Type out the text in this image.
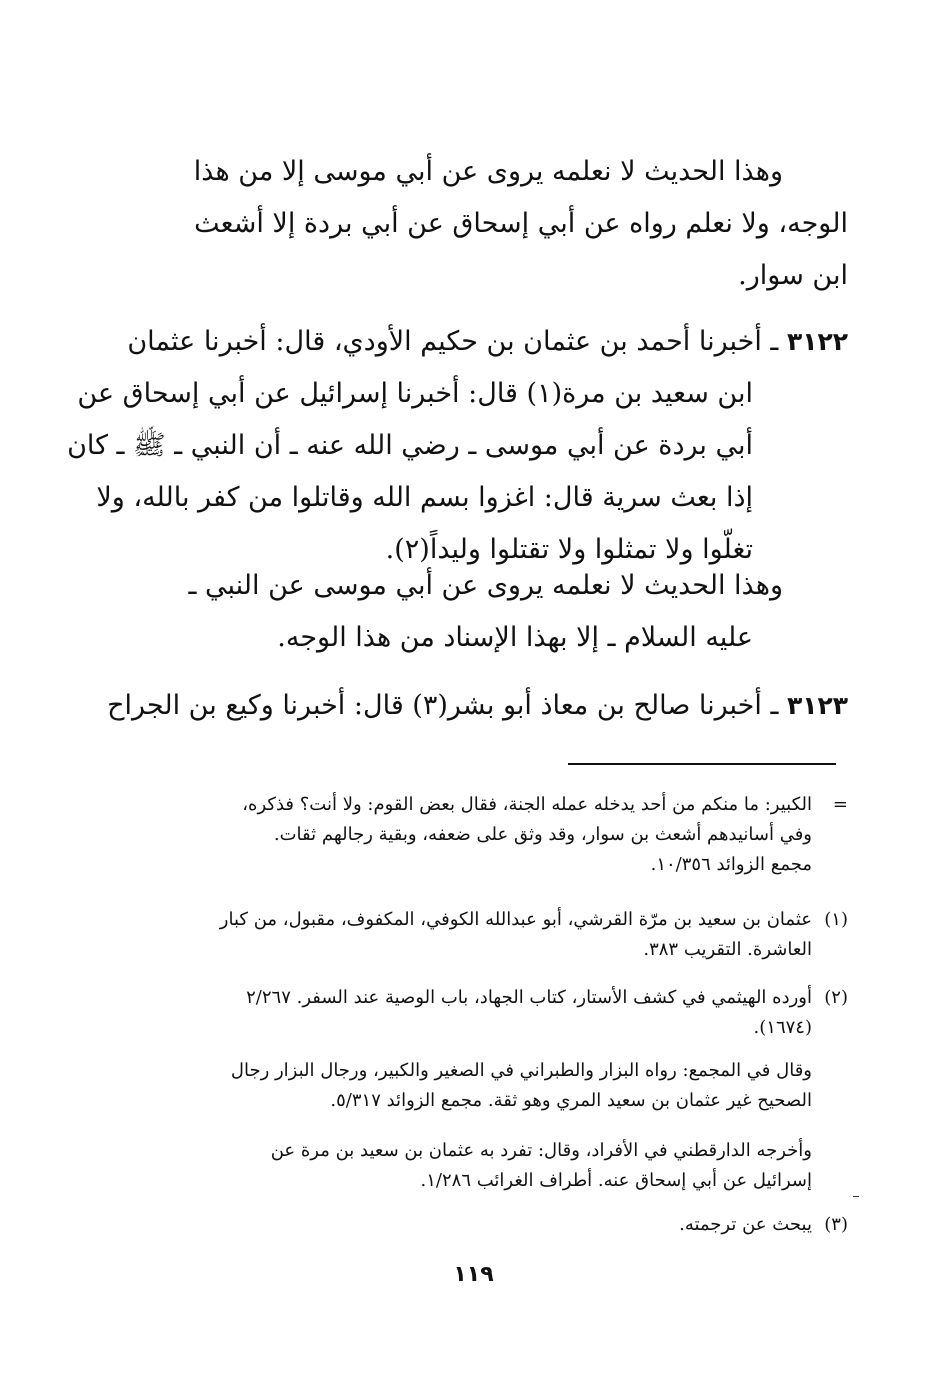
وهذا الحديث لا نعلمه يروى عن أبي موسى إلا من هذا
الوجه، ولا نعلم رواه عن أبي إسحاق عن أبي بردة إلا أشعث
ابن سوار.
٣١٢٢ ـ أخبرنا أحمد بن عثمان بن حكيم الأودي، قال: أخبرنا عثمان
ابن سعيد بن مرة(١) قال: أخبرنا إسرائيل عن أبي إسحاق عن
أبي بردة عن أبي موسى ـ رضي الله عنه ـ أن النبي ـ ﷺ ـ كان
إذا بعث سرية قال: اغزوا بسم الله وقاتلوا من كفر بالله، ولا
تغلّوا ولا تمثلوا ولا تقتلوا وليداً(٢).
وهذا الحديث لا نعلمه يروى عن أبي موسى عن النبي ـ
عليه السلام ـ إلا بهذا الإسناد من هذا الوجه.
٣١٢٣ ـ أخبرنا صالح بن معاذ أبو بشر(٣) قال: أخبرنا وكيع بن الجراح
=الكبير: ما منكم من أحد يدخله عمله الجنة، فقال بعض القوم: ولا أنت؟ فذكره،
وفي أسانيدهم أشعث بن سوار، وقد وثق على ضعفه، وبقية رجالهم ثقات.
مجمع الزوائد ١٠/٣٥٦.
(١)عثمان بن سعيد بن مرّة القرشي، أبو عبدالله الكوفي، المكفوف، مقبول، من كبار
العاشرة. التقريب ٣٨٣.
(٢)أورده الهيثمي في كشف الأستار، كتاب الجهاد، باب الوصية عند السفر. ٢/٢٦٧
(١٦٧٤).
وقال في المجمع: رواه البزار والطبراني في الصغير والكبير، ورجال البزار رجال
الصحيح غير عثمان بن سعيد المري وهو ثقة. مجمع الزوائد ٥/٣١٧.
وأخرجه الدارقطني في الأفراد، وقال: تفرد به عثمان بن سعيد بن مرة عن
إسرائيل عن أبي إسحاق عنه. أطراف الغرائب ١/٢٨٦.
(٣)يبحث عن ترجمته.
١١٩
